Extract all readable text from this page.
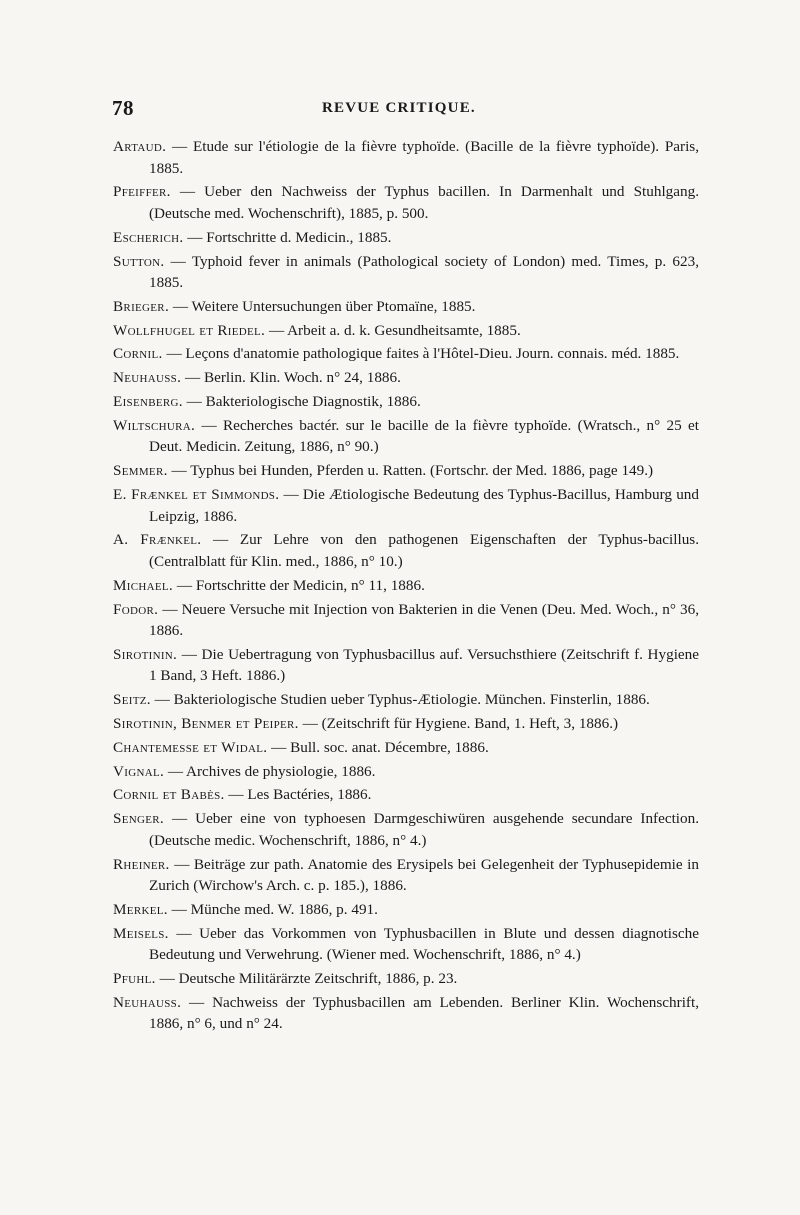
78	REVUE CRITIQUE.

Artaud. — Etude sur l'étiologie de la fièvre typhoïde. (Bacille de la fièvre typhoïde). Paris, 1885.

Pfeiffer. — Ueber den Nachweiss der Typhus bacillen. In Darmenhalt und Stuhlgang. (Deutsche med. Wochenschrift), 1885, p. 500.

Escherich. — Fortschritte d. Medicin., 1885.

Sutton. — Typhoid fever in animals (Pathological society of London) med. Times, p. 623, 1885.

Brieger. — Weitere Untersuchungen über Ptomaïne, 1885.

Wollfhugel et Riedel. — Arbeit a. d. k. Gesundheitsamte, 1885.

Cornil. — Leçons d'anatomie pathologique faites à l'Hôtel-Dieu. Journ. connais. méd. 1885.

Neuhauss. — Berlin. Klin. Woch. n° 24, 1886.

Eisenberg. — Bakteriologische Diagnostik, 1886.

Wiltschura. — Recherches bactér. sur le bacille de la fièvre typhoïde. (Wratsch., n° 25 et Deut. Medicin. Zeitung, 1886, n° 90.)

Semmer. — Typhus bei Hunden, Pferden u. Ratten. (Fortschr. der Med. 1886, page 149.)

E. Frænkel et Simmonds. — Die Ætiologische Bedeutung des Typhus-Bacillus, Hamburg und Leipzig, 1886.

A. Frænkel. — Zur Lehre von den pathogenen Eigenschaften der Typhus-bacillus. (Centralblatt für Klin. med., 1886, n° 10.)

Michael. — Fortschritte der Medicin, n° 11, 1886.

Fodor. — Neuere Versuche mit Injection von Bakterien in die Venen (Deu. Med. Woch., n° 36, 1886.

Sirotinin. — Die Uebertragung von Typhusbacillus auf. Versuchsthiere (Zeitschrift f. Hygiene 1 Band, 3 Heft. 1886.)

Seitz. — Bakteriologische Studien ueber Typhus-Ætiologie. München. Finsterlin, 1886.

Sirotinin, Benmer et Peiper. — (Zeitschrift für Hygiene. Band, 1. Heft, 3, 1886.)

Chantemesse et Widal. — Bull. soc. anat. Décembre, 1886.

Vignal. — Archives de physiologie, 1886.

Cornil et Babès. — Les Bactéries, 1886.

Senger. — Ueber eine von typhoesen Darmgeschiwüren ausgehende secundare Infection. (Deutsche medic. Wochenschrift, 1886, n° 4.)

Rheiner. — Beiträge zur path. Anatomie des Erysipels bei Gelegenheit der Typhusepidemie in Zurich (Wirchow's Arch. c. p. 185.), 1886.

Merkel. — Münche med. W. 1886, p. 491.

Meisels. — Ueber das Vorkommen von Typhusbacillen in Blute und dessen diagnotische Bedeutung und Verwehrung. (Wiener med. Wochenschrift, 1886, n° 4.)

Pfuhl. — Deutsche Militärärzte Zeitschrift, 1886, p. 23.

Neuhauss. — Nachweiss der Typhusbacillen am Lebenden. Berliner Klin. Wochenschrift, 1886, n° 6, und n° 24.
